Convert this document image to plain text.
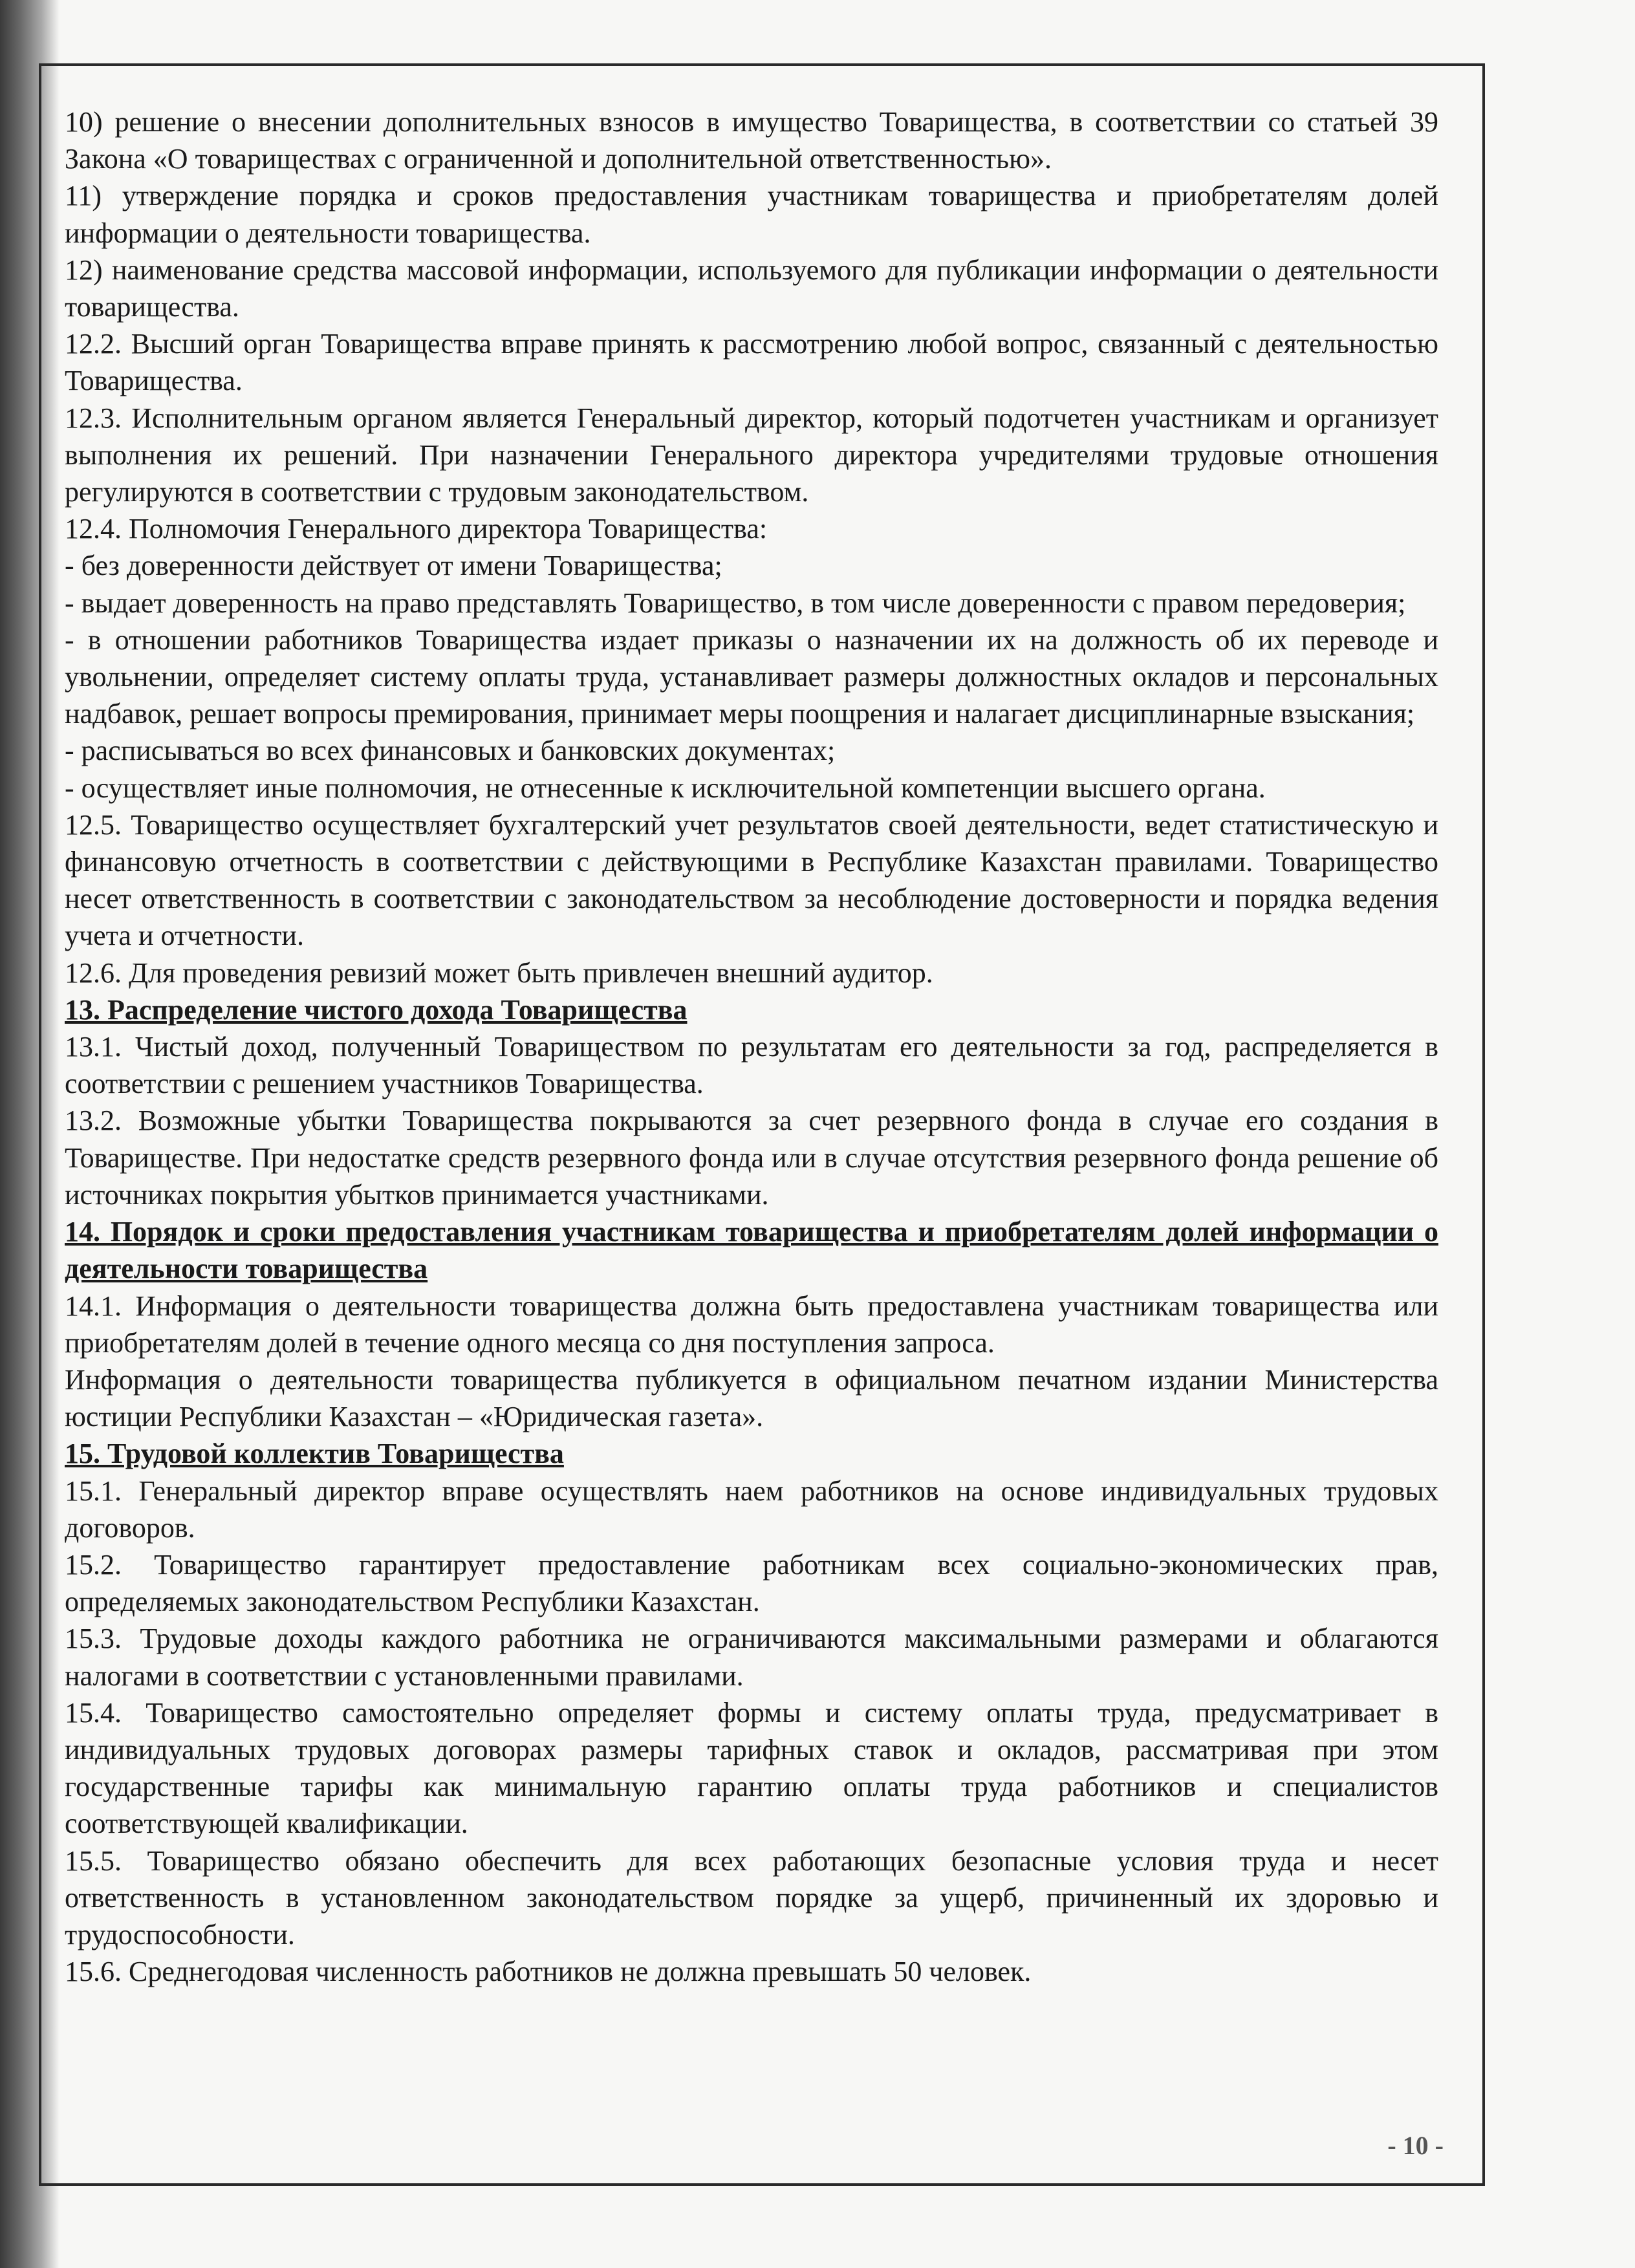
10) решение о внесении дополнительных взносов в имущество Товарищества, в соответствии со статьей 39 Закона «О товариществах с ограниченной и дополнительной ответственностью».

11) утверждение порядка и сроков предоставления участникам товарищества и приобретателям долей информации о деятельности товарищества.

12) наименование средства массовой информации, используемого для публикации информации о деятельности товарищества.

12.2. Высший орган Товарищества вправе принять к рассмотрению любой вопрос, связанный с деятельностью Товарищества.

12.3. Исполнительным органом является Генеральный директор, который подотчетен участникам и организует выполнения их решений. При назначении Генерального директора учредителями трудовые отношения регулируются в соответствии с трудовым законодательством.

12.4. Полномочия Генерального директора Товарищества:

- без доверенности действует от имени Товарищества;

- выдает доверенность на право представлять Товарищество, в том числе доверенности с правом передоверия;

- в отношении работников Товарищества издает приказы о назначении их на должность об их переводе и увольнении, определяет систему оплаты труда, устанавливает размеры должностных окладов и персональных надбавок, решает вопросы премирования, принимает меры поощрения и налагает дисциплинарные взыскания;

- расписываться во всех финансовых и банковских документах;

- осуществляет иные полномочия, не отнесенные к исключительной компетенции высшего органа.

12.5. Товарищество осуществляет бухгалтерский учет результатов своей деятельности, ведет статистическую и финансовую отчетность в соответствии с действующими в Республике Казахстан правилами. Товарищество несет ответственность в соответствии с законодательством за несоблюдение достоверности и порядка ведения учета и отчетности.

12.6. Для проведения ревизий может быть привлечен внешний аудитор.

13. Распределение чистого дохода Товарищества

13.1. Чистый доход, полученный Товариществом по результатам его деятельности за год, распределяется в соответствии с решением участников Товарищества.

13.2. Возможные убытки Товарищества покрываются за счет резервного фонда в случае его создания в Товариществе. При недостатке средств резервного фонда или в случае отсутствия резервного фонда решение об источниках покрытия убытков принимается участниками.

14. Порядок и сроки предоставления участникам товарищества и приобретателям долей информации о деятельности товарищества

14.1. Информация о деятельности товарищества должна быть предоставлена участникам товарищества или приобретателям долей в течение одного месяца со дня поступления запроса.

Информация о деятельности товарищества публикуется в официальном печатном издании Министерства юстиции Республики Казахстан – «Юридическая газета».

15. Трудовой коллектив Товарищества

15.1. Генеральный директор вправе осуществлять наем работников на основе индивидуальных трудовых договоров.

15.2. Товарищество гарантирует предоставление работникам всех социально-экономических прав, определяемых законодательством Республики Казахстан.

15.3. Трудовые доходы каждого работника не ограничиваются максимальными размерами и облагаются налогами в соответствии с установленными правилами.

15.4. Товарищество самостоятельно определяет формы и систему оплаты труда, предусматривает в индивидуальных трудовых договорах размеры тарифных ставок и окладов, рассматривая при этом государственные тарифы как минимальную гарантию оплаты труда работников и специалистов соответствующей квалификации.

15.5. Товарищество обязано обеспечить для всех работающих безопасные условия труда и несет ответственность в установленном законодательством порядке за ущерб, причиненный их здоровью и трудоспособности.

15.6. Среднегодовая численность работников не должна превышать 50 человек.

- 10 -
